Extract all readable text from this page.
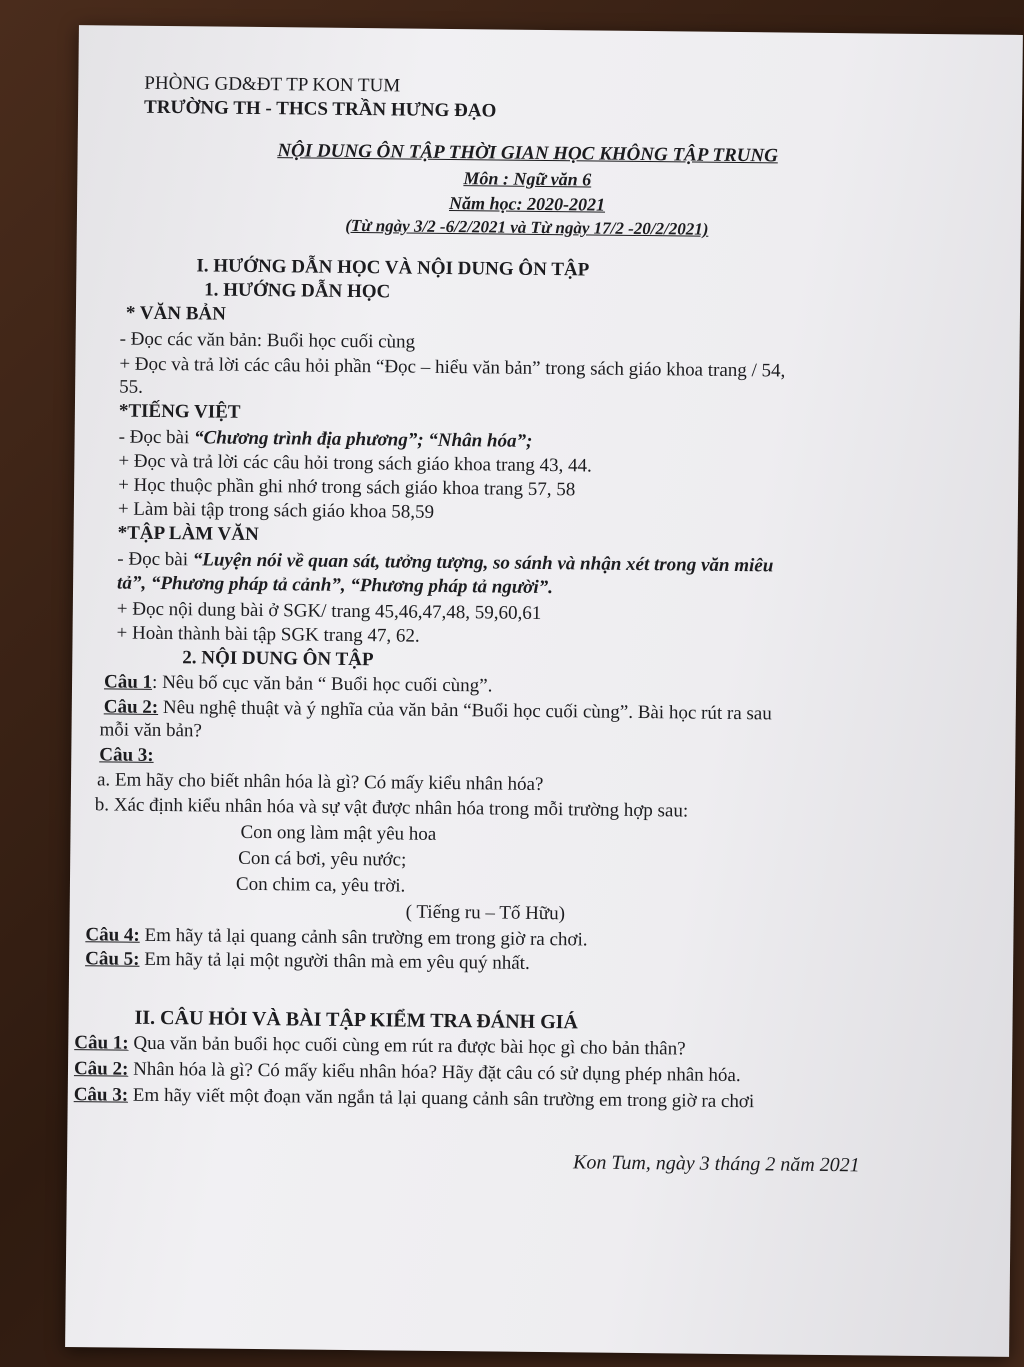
PHÒNG GD&ĐT TP KON TUM
TRƯỜNG TH - THCS TRẦN HƯNG ĐẠO
NỘI DUNG ÔN TẬP THỜI GIAN HỌC KHÔNG TẬP TRUNG
Môn : Ngữ văn 6
Năm học: 2020-2021
(Từ ngày 3/2 -6/2/2021 và Từ ngày 17/2 -20/2/2021)
I. HƯỚNG DẪN HỌC VÀ NỘI DUNG ÔN TẬP
1. HƯỚNG DẪN HỌC
* VĂN BẢN
- Đọc các văn bản: Buổi học cuối cùng
+ Đọc và trả lời các câu hỏi phần “Đọc – hiểu văn bản” trong sách giáo khoa trang / 54,
55.
*TIẾNG VIỆT
- Đọc bài “Chương trình địa phương”; “Nhân hóa”;
+ Đọc và trả lời các câu hỏi trong sách giáo khoa trang 43, 44.
+ Học thuộc phần ghi nhớ trong sách giáo khoa trang 57, 58
+ Làm bài tập trong sách giáo khoa 58,59
*TẬP LÀM VĂN
- Đọc bài “Luyện nói về quan sát, tưởng tượng, so sánh và nhận xét trong văn miêu
tả”, “Phương pháp tả cảnh”, “Phương pháp tả người”.
+ Đọc nội dung bài ở SGK/ trang 45,46,47,48, 59,60,61
+ Hoàn thành bài tập SGK trang 47, 62.
2. NỘI DUNG ÔN TẬP
Câu 1: Nêu bố cục văn bản “ Buổi học cuối cùng”.
Câu 2: Nêu nghệ thuật và ý nghĩa của văn bản “Buổi học cuối cùng”. Bài học rút ra sau
mỗi văn bản?
Câu 3:
a. Em hãy cho biết nhân hóa là gì? Có mấy kiểu nhân hóa?
b. Xác định kiểu nhân hóa và sự vật được nhân hóa trong mỗi trường hợp sau:
Con ong làm mật yêu hoa
Con cá bơi, yêu nước;
Con chim ca, yêu trời.
( Tiếng ru – Tố Hữu)
Câu 4: Em hãy tả lại quang cảnh sân trường em trong giờ ra chơi.
Câu 5: Em hãy tả lại một người thân mà em yêu quý nhất.
II. CÂU HỎI VÀ BÀI TẬP KIỂM TRA ĐÁNH GIÁ
Câu 1: Qua văn bản buổi học cuối cùng em rút ra được bài học gì cho bản thân?
Câu 2: Nhân hóa là gì? Có mấy kiểu nhân hóa? Hãy đặt câu có sử dụng phép nhân hóa.
Câu 3: Em hãy viết một đoạn văn ngắn tả lại quang cảnh sân trường em trong giờ ra chơi
Kon Tum, ngày 3 tháng 2 năm 2021
